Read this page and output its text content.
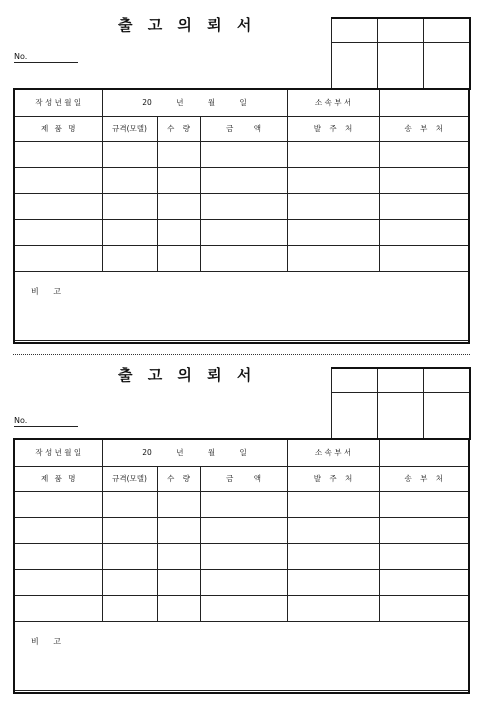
출 고 의 뢰 서
No.

작 성 년 월 일	20 년 월 일			소 속 부 서	
제 품 명	규격(모델)	수 량	금 액	발 주 처	송 부 처

비 고					
출 고 의 뢰 서
No.

작 성 년 월 일	20 년 월 일			소 속 부 서	
제 품 명	규격(모델)	수 량	금 액	발 주 처	송 부 처

비 고					
